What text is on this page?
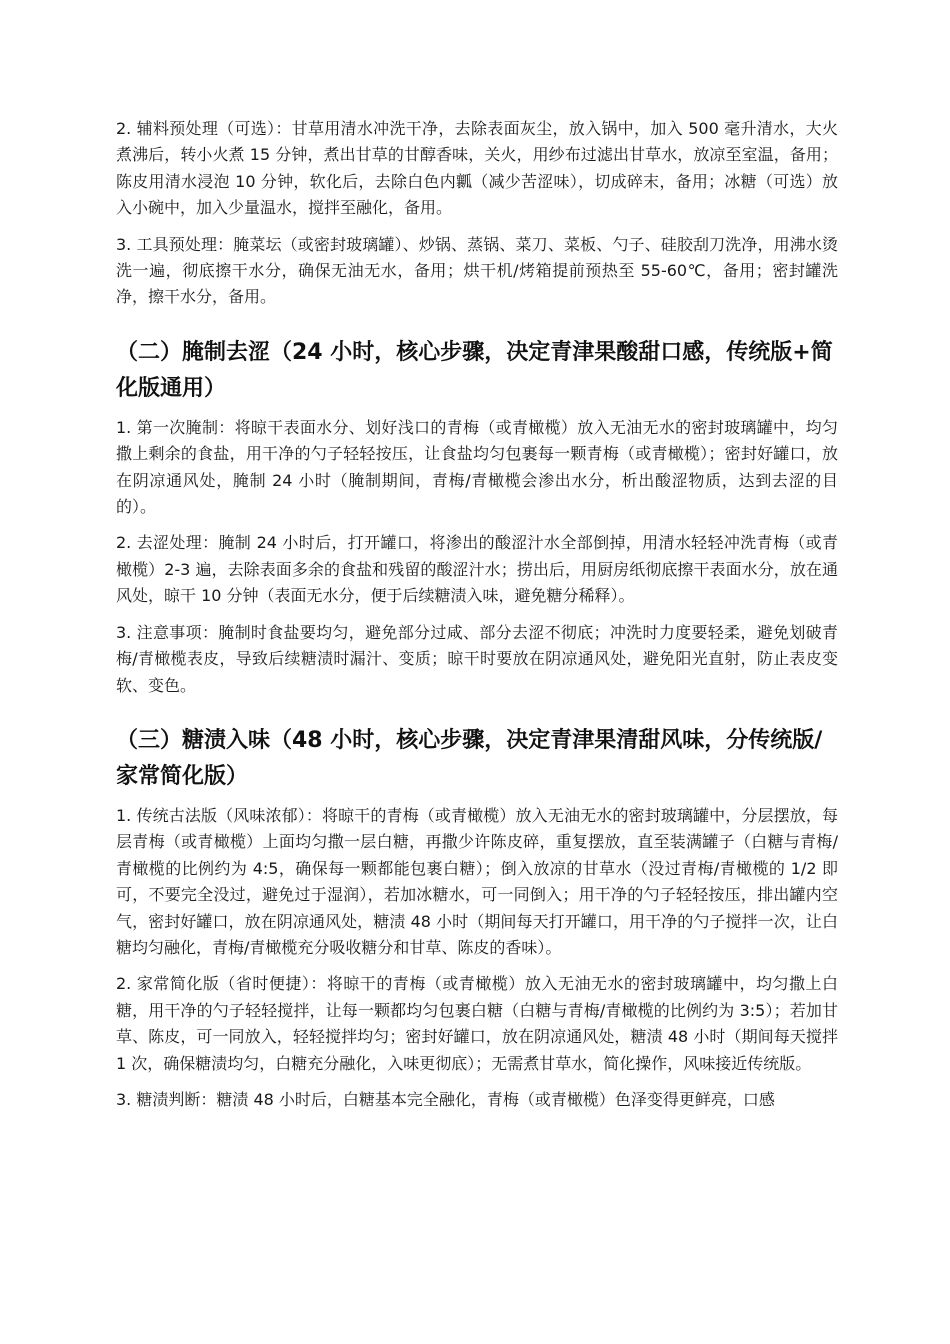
2. 辅料预处理（可选）：甘草用清水冲洗干净，去除表面灰尘，放入锅中，加入 500 毫升清水，大火煮沸后，转小火煮 15 分钟，煮出甘草的甘醇香味，关火，用纱布过滤出甘草水，放凉至室温，备用；陈皮用清水浸泡 10 分钟，软化后，去除白色内瓤（减少苦涩味），切成碎末，备用；冰糖（可选）放入小碗中，加入少量温水，搅拌至融化，备用。

3. 工具预处理：腌菜坛（或密封玻璃罐）、炒锅、蒸锅、菜刀、菜板、勺子、硅胶刮刀洗净，用沸水烫洗一遍，彻底擦干水分，确保无油无水，备用；烘干机/烤箱提前预热至 55-60℃，备用；密封罐洗净，擦干水分，备用。

（二）腌制去涩（24 小时，核心步骤，决定青津果酸甜口感，传统版+简化版通用）

1. 第一次腌制：将晾干表面水分、划好浅口的青梅（或青橄榄）放入无油无水的密封玻璃罐中，均匀撒上剩余的食盐，用干净的勺子轻轻按压，让食盐均匀包裹每一颗青梅（或青橄榄）；密封好罐口，放在阴凉通风处，腌制 24 小时（腌制期间，青梅/青橄榄会渗出水分，析出酸涩物质，达到去涩的目的）。

2. 去涩处理：腌制 24 小时后，打开罐口，将渗出的酸涩汁水全部倒掉，用清水轻轻冲洗青梅（或青橄榄）2-3 遍，去除表面多余的食盐和残留的酸涩汁水；捞出后，用厨房纸彻底擦干表面水分，放在通风处，晾干 10 分钟（表面无水分，便于后续糖渍入味，避免糖分稀释）。

3. 注意事项：腌制时食盐要均匀，避免部分过咸、部分去涩不彻底；冲洗时力度要轻柔，避免划破青梅/青橄榄表皮，导致后续糖渍时漏汁、变质；晾干时要放在阴凉通风处，避免阳光直射，防止表皮变软、变色。

（三）糖渍入味（48 小时，核心步骤，决定青津果清甜风味，分传统版/家常简化版）

1. 传统古法版（风味浓郁）：将晾干的青梅（或青橄榄）放入无油无水的密封玻璃罐中，分层摆放，每层青梅（或青橄榄）上面均匀撒一层白糖，再撒少许陈皮碎，重复摆放，直至装满罐子（白糖与青梅/青橄榄的比例约为 4:5，确保每一颗都能包裹白糖）；倒入放凉的甘草水（没过青梅/青橄榄的 1/2 即可，不要完全没过，避免过于湿润），若加冰糖水，可一同倒入；用干净的勺子轻轻按压，排出罐内空气，密封好罐口，放在阴凉通风处，糖渍 48 小时（期间每天打开罐口，用干净的勺子搅拌一次，让白糖均匀融化，青梅/青橄榄充分吸收糖分和甘草、陈皮的香味）。

2. 家常简化版（省时便捷）：将晾干的青梅（或青橄榄）放入无油无水的密封玻璃罐中，均匀撒上白糖，用干净的勺子轻轻搅拌，让每一颗都均匀包裹白糖（白糖与青梅/青橄榄的比例约为 3:5）；若加甘草、陈皮，可一同放入，轻轻搅拌均匀；密封好罐口，放在阴凉通风处，糖渍 48 小时（期间每天搅拌 1 次，确保糖渍均匀，白糖充分融化，入味更彻底）；无需煮甘草水，简化操作，风味接近传统版。

3. 糖渍判断：糖渍 48 小时后，白糖基本完全融化，青梅（或青橄榄）色泽变得更鲜亮，口感
